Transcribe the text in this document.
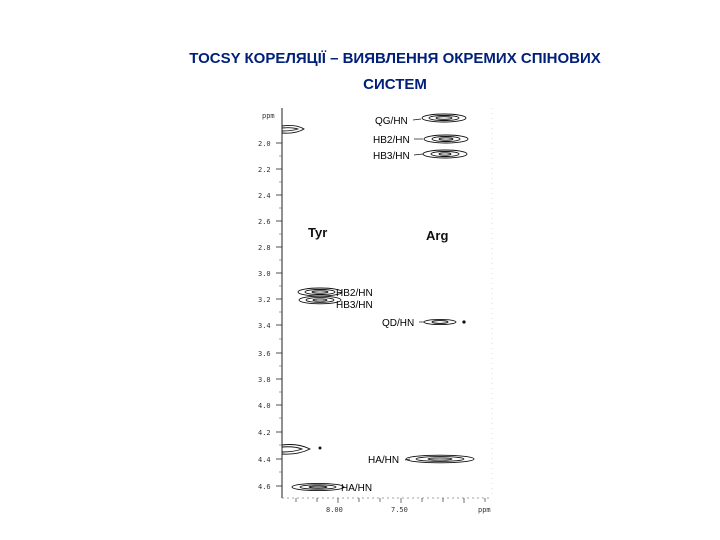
TOCSY КОРЕЛЯЦІЇ – ВИЯВЛЕННЯ ОКРЕМИХ СПІНОВИХ
СИСТЕМ
ppm
2.0
2.2
2.4
2.6
2.8
3.0
3.2
3.4
3.6
3.8
4.0
4.2
4.4
4.6
8.00	7.50	ppm
Tyr	Arg
QG/HN
HB2/HN
HB3/HN
HB2/HN
HB3/HN
QD/HN
HA/HN
HA/HN
